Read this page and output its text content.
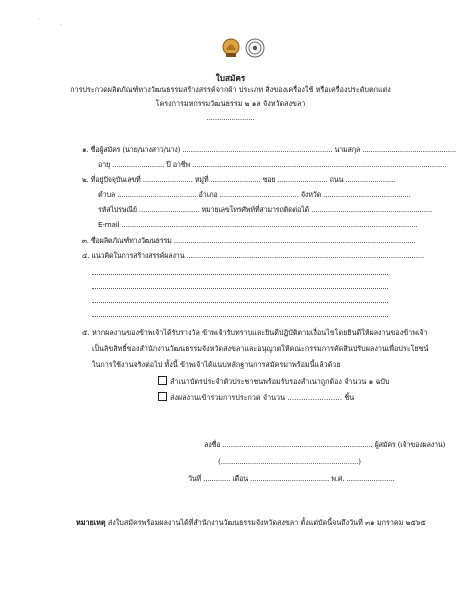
·
·
ใบสมัคร
การประกวดผลิตภัณฑ์ทางวัฒนธรรมสร้างสรรค์จากผ้า ประเภท สิ่งของเครื่องใช้ หรือเครื่องประดับตกแต่ง
โครงการมหกรรมวัฒนธรรม ๒ ๑ล จังหวัดสงขลา
.......................
๑. ชื่อผู้สมัคร (นาย/นางสาว/นาง) ........................................................................ นามสกุล .............................................
อายุ ......................... ปี อาชีพ ..........................................................................................................................
๒. ที่อยู่ปัจจุบันเลขที่ ........................ หมู่ที่ ........................ ซอย ........................ ถนน ........................
ตำบล ...................................... อำเภอ ...................................... จังหวัด ..........................................
รหัสไปรษณีย์ ............................. หมายเลขโทรศัพท์ที่สามารถติดต่อได้ ..........................................................
E-mail ..............................................................................................................................................
๓. ชื่อผลิตภัณฑ์ทางวัฒนธรรม ....................................................................................................................
๔. แนวคิดในการสร้างสรรค์ผลงาน ..................................................................................................................
๕. หากผลงานของข้าพเจ้าได้รับรางวัล ข้าพเจ้ารับทราบและยินดีปฏิบัติตามเงื่อนไขโดยยินดีให้ผลงานของข้าพเจ้า
เป็นลิขสิทธิ์ของสำนักงานวัฒนธรรมจังหวัดสงขลาและอนุญาตให้คณะกรรมการคัดสินปรับผลงานเพื่อประโยชน์
ในการใช้งานจริงต่อไป ทั้งนี้ ข้าพเจ้าได้แนบหลักฐานการสมัครมาพร้อมนี้แล้วด้วย
สำเนาบัตรประจำตัวประชาชนพร้อมรับรองสำเนาถูกต้อง จำนวน ๑ ฉบับ
ส่งผลงานเข้าร่วมการประกวด จำนวน ........................ ชิ้น
ลงชื่อ ........................................................................ ผู้สมัคร (เจ้าของผลงาน)
(..................................................................)
วันที่ ............. เดือน ...................................... พ.ศ. .......................
หมายเหตุ ส่งใบสมัครพร้อมผลงานได้ที่สำนักงานวัฒนธรรมจังหวัดสงขลา ตั้งแต่บัดนี้จนถึงวันที่ ๓๑ มกราคม ๒๕๖๕
